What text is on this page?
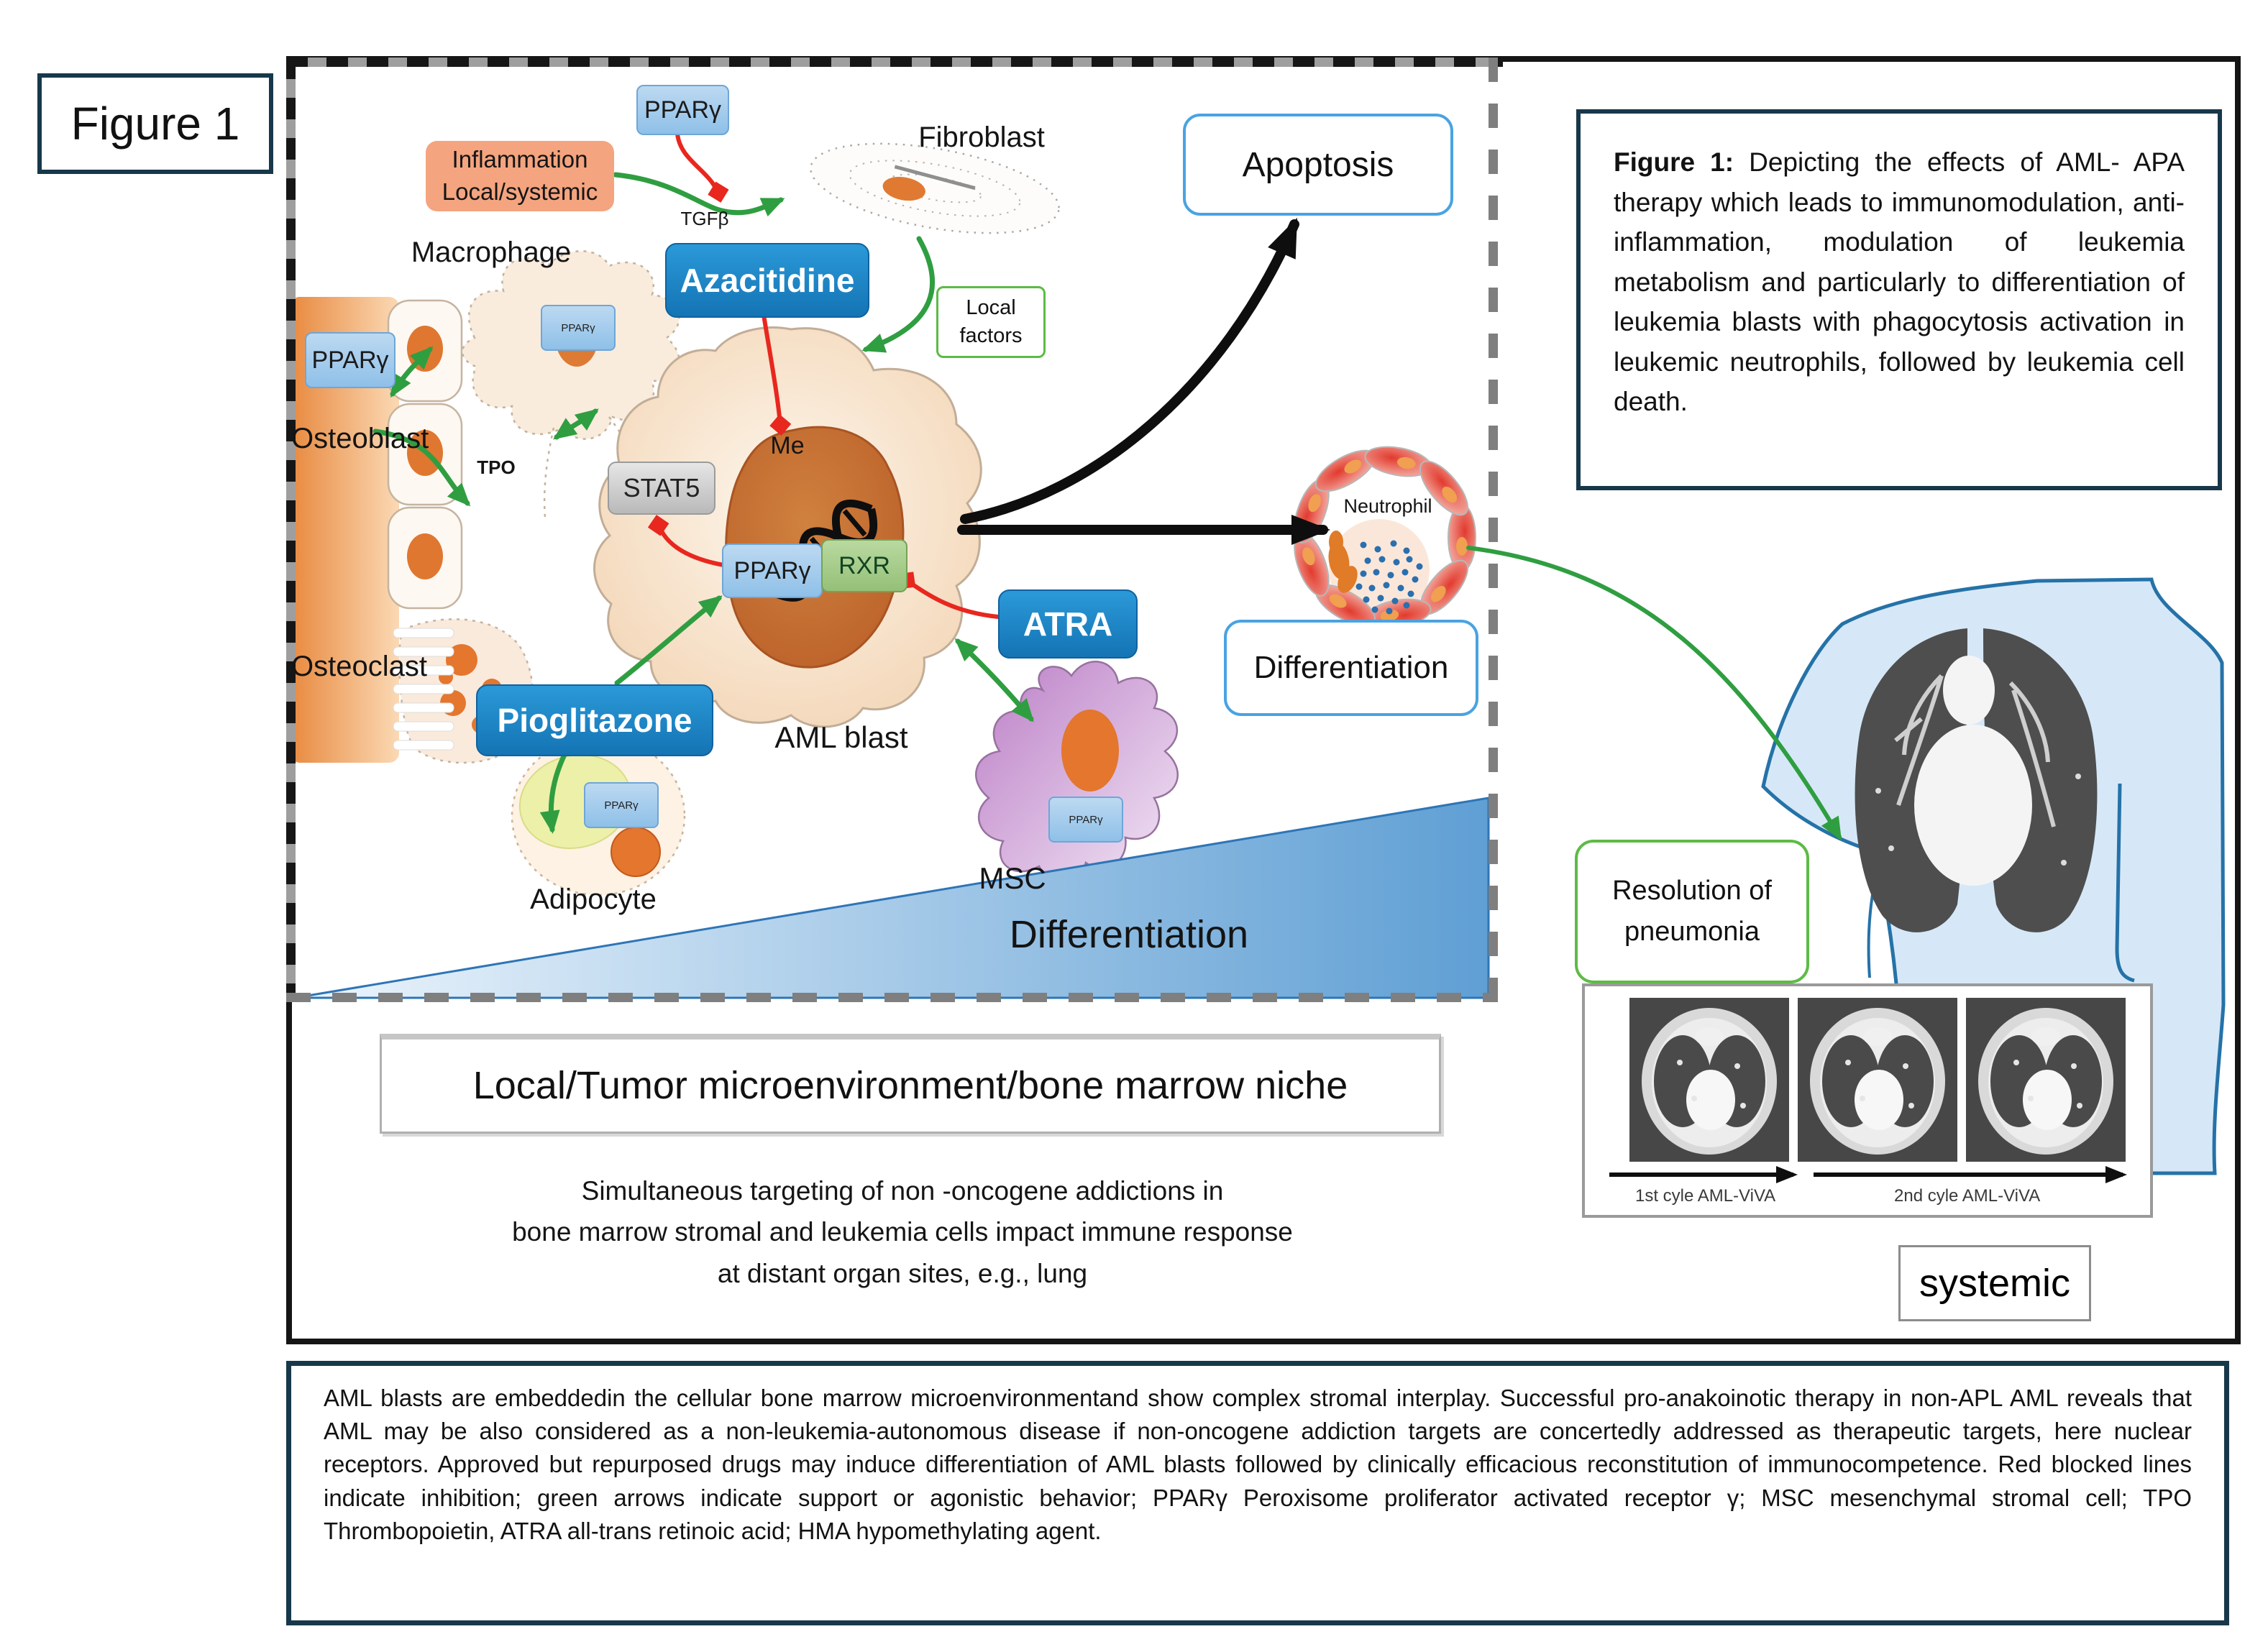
Figure 1	PPARγ
Inflammation
Local/systemic
Fibroblast
TGFβ
Azacitidine
Local
factors
Macrophage
PPARγ
PPARγ
Osteoblast
TPO
Osteoclast
STAT5
Me
PPARγ	RXR
ATRA
Pioglitazone	AML blast
PPARγ
Adipocyte
PPARγ
MSC
Apoptosis
Neutrophil
Differentiation
Differentiation
Local/Tumor microenvironment/bone marrow niche
Simultaneous targeting of non -oncogene addictions in
bone marrow stromal and leukemia cells impact immune response
at distant organ sites, e.g., lung
Figure 1: Depicting the effects of AML- APA therapy which leads to immunomodulation, anti-inflammation, modulation of leukemia metabolism and particularly to differentiation of leukemia blasts with phagocytosis activation in leukemic neutrophils, followed by leukemia cell death.
Resolution of
pneumonia
1st cyle AML-ViVA	2nd cyle AML-ViVA
systemic
AML blasts are embeddedin the cellular bone marrow microenvironmentand show complex stromal interplay. Successful pro-anakoinotic therapy in non-APL AML reveals that AML may be also considered as a non-leukemia-autonomous disease if non-oncogene addiction targets are concertedly addressed as therapeutic targets, here nuclear receptors. Approved but repurposed drugs may induce differentiation of AML blasts followed by clinically efficacious reconstitution of immunocompetence. Red blocked lines indicate inhibition; green arrows indicate support or agonistic behavior; PPARγ Peroxisome proliferator activated receptor γ; MSC mesenchymal stromal cell; TPO Thrombopoietin, ATRA all-trans retinoic acid; HMA hypomethylating agent.
